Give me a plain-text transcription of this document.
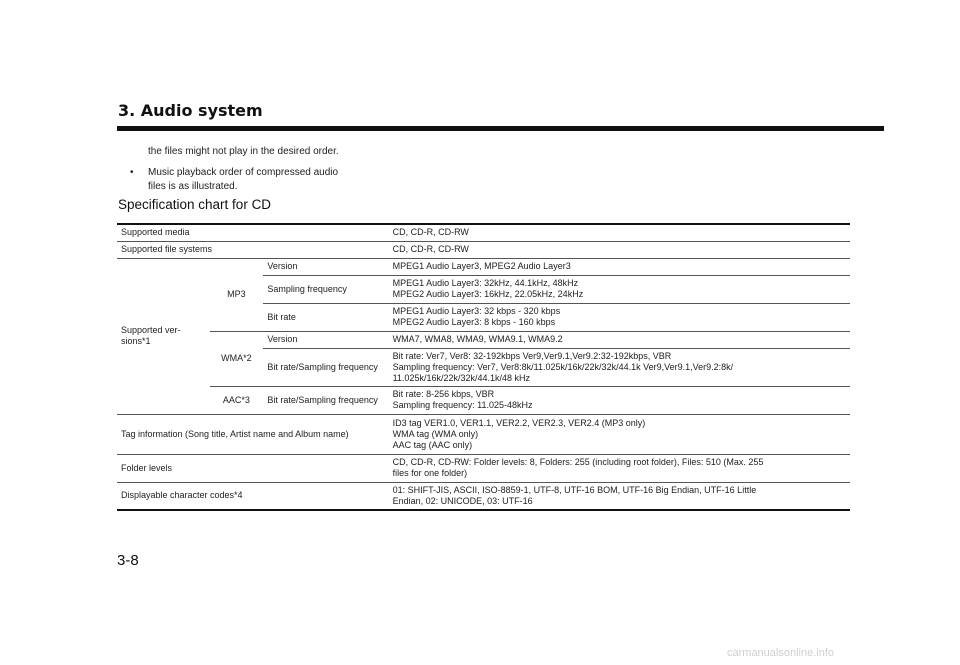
3. Audio system
the files might not play in the desired order.
• Music playback order of compressed audio
files is as illustrated.
Specification chart for CD
Supported media			CD, CD-R, CD-RW
Supported file systems			CD, CD-R, CD-RW
Supported ver-
sions*1	MP3	Version	MPEG1 Audio Layer3, MPEG2 Audio Layer3
		Sampling frequency	MPEG1 Audio Layer3: 32kHz, 44.1kHz, 48kHz
MPEG2 Audio Layer3: 16kHz, 22.05kHz, 24kHz
		Bit rate	MPEG1 Audio Layer3: 32 kbps - 320 kbps
MPEG2 Audio Layer3: 8 kbps - 160 kbps
	WMA*2	Version	WMA7, WMA8, WMA9, WMA9.1, WMA9.2
		Bit rate/Sampling frequency	Bit rate: Ver7, Ver8: 32-192kbps Ver9,Ver9.1,Ver9.2:32-192kbps, VBR
Sampling frequency: Ver7, Ver8:8k/11.025k/16k/22k/32k/44.1k Ver9,Ver9.1,Ver9.2:8k/
11.025k/16k/22k/32k/44.1k/48 kHz
	AAC*3	Bit rate/Sampling frequency	Bit rate: 8-256 kbps, VBR
Sampling frequency: 11.025-48kHz
Tag information (Song title, Artist name and Album name)			ID3 tag VER1.0, VER1.1, VER2.2, VER2.3, VER2.4 (MP3 only)
WMA tag (WMA only)
AAC tag (AAC only)
Folder levels			CD, CD-R, CD-RW: Folder levels: 8, Folders: 255 (including root folder), Files: 510 (Max. 255
files for one folder)
Displayable character codes*4			01: SHIFT-JIS, ASCII, ISO-8859-1, UTF-8, UTF-16 BOM, UTF-16 Big Endian, UTF-16 Little
Endian, 02: UNICODE, 03: UTF-16
3-8
carmanualsonline.info
